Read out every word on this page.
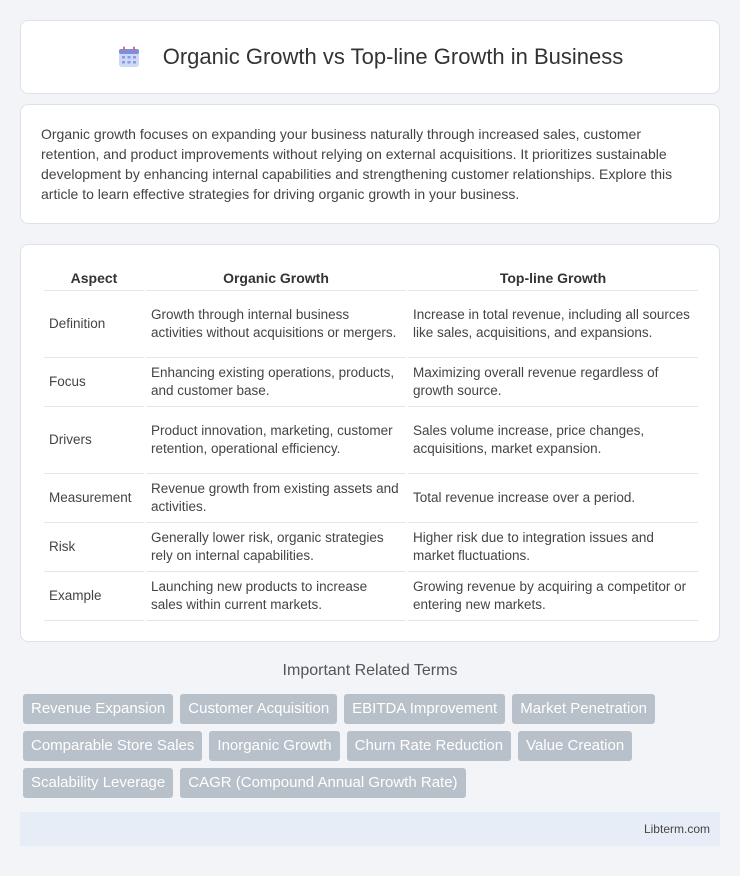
Organic Growth vs Top-line Growth in Business

Organic growth focuses on expanding your business naturally through increased sales, customer retention, and product improvements without relying on external acquisitions. It prioritizes sustainable development by enhancing internal capabilities and strengthening customer relationships. Explore this article to learn effective strategies for driving organic growth in your business.

Aspect	Organic Growth	Top-line Growth
Definition	Growth through internal business activities without acquisitions or mergers.	Increase in total revenue, including all sources like sales, acquisitions, and expansions.
Focus	Enhancing existing operations, products, and customer base.	Maximizing overall revenue regardless of growth source.
Drivers	Product innovation, marketing, customer retention, operational efficiency.	Sales volume increase, price changes, acquisitions, market expansion.
Measurement	Revenue growth from existing assets and activities.	Total revenue increase over a period.
Risk	Generally lower risk, organic strategies rely on internal capabilities.	Higher risk due to integration issues and market fluctuations.
Example	Launching new products to increase sales within current markets.	Growing revenue by acquiring a competitor or entering new markets.
Important Related Terms
Revenue Expansion	Customer Acquisition	EBITDA Improvement	Market Penetration
Comparable Store Sales	Inorganic Growth	Churn Rate Reduction	Value Creation
Scalability Leverage	CAGR (Compound Annual Growth Rate)
Libterm.com
